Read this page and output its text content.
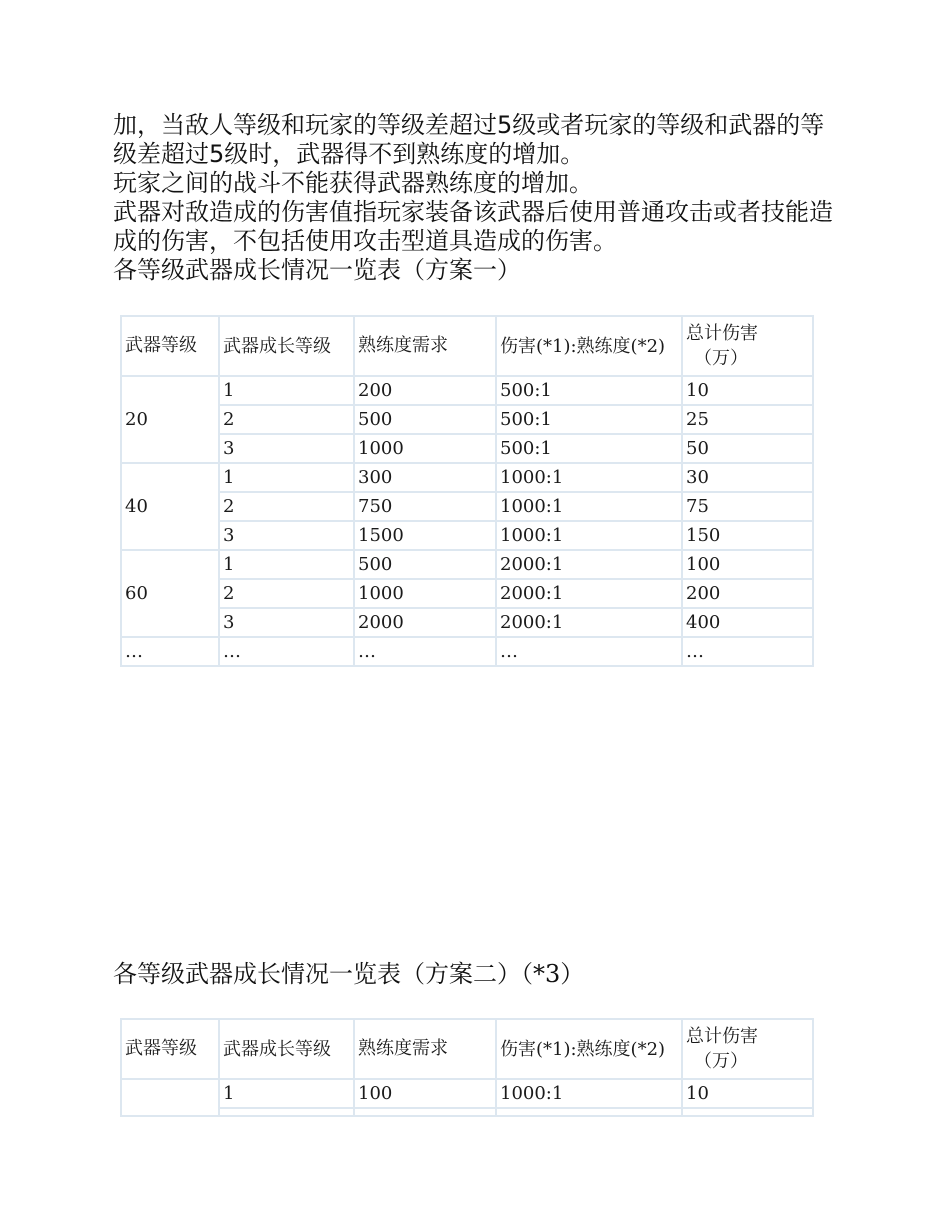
加，当敌人等级和玩家的等级差超过5级或者玩家的等级和武器的等级差超过5级时，武器得不到熟练度的增加。

玩家之间的战斗不能获得武器熟练度的增加。

武器对敌造成的伤害值指玩家装备该武器后使用普通攻击或者技能造成的伤害，不包括使用攻击型道具造成的伤害。

各等级武器成长情况一览表（方案一）

武器等级	武器成长等级	熟练度需求	伤害(*1):熟练度(*2)	总计伤害
（万）

20	1	200	500:1	10
	2	500	500:1	25
	3	1000	500:1	50
40	1	300	1000:1	30
	2	750	1000:1	75
	3	1500	1000:1	150
60	1	500	2000:1	100
	2	1000	2000:1	200
	3	2000	2000:1	400
…	…	…	…	…

各等级武器成长情况一览表（方案二）（*3）

武器等级	武器成长等级	熟练度需求	伤害(*1):熟练度(*2)	总计伤害
（万）

	1	100	1000:1	10
